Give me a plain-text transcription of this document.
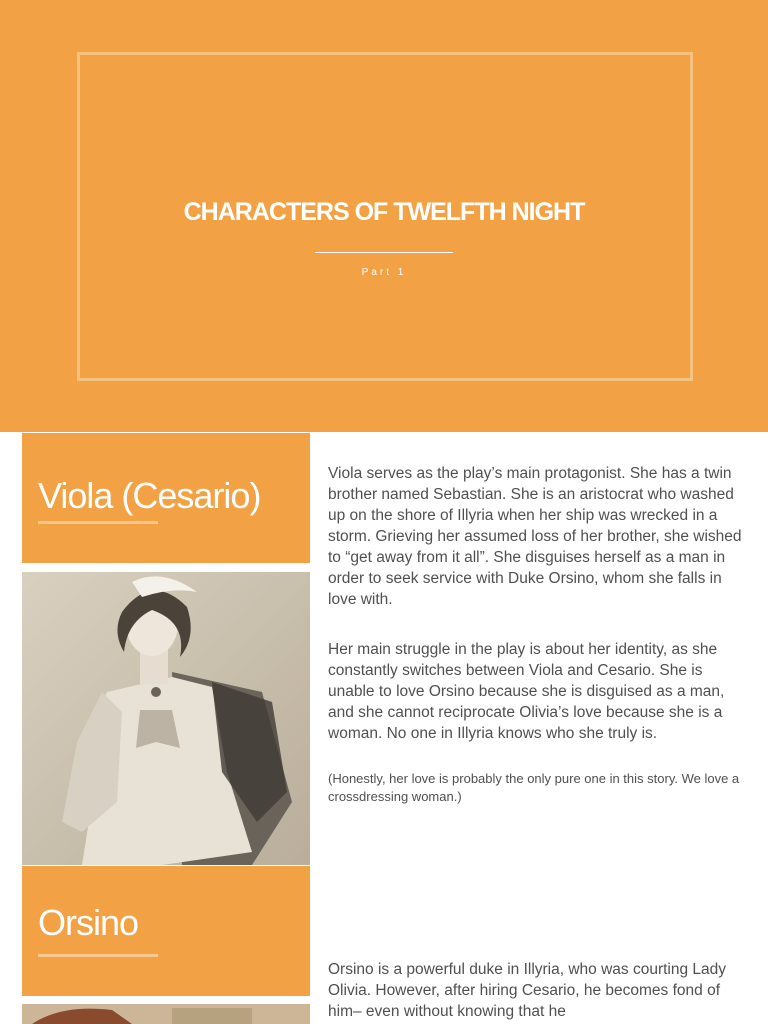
CHARACTERS OF TWELFTH NIGHT
Part 1
Viola (Cesario)

Viola serves as the play’s main protagonist. She has a twin brother named Sebastian. She is an aristocrat who washed up on the shore of Illyria when her ship was wrecked in a storm. Grieving her assumed loss of her brother, she wished to “get away from it all”. She disguises herself as a man in order to seek service with Duke Orsino, whom she falls in love with.

Her main struggle in the play is about her identity, as she constantly switches between Viola and Cesario. She is unable to love Orsino because she is disguised as a man, and she cannot reciprocate Olivia’s love because she is a woman. No one in Illyria knows who she truly is.

(Honestly, her love is probably the only pure one in this story. We love a crossdressing woman.)

Orsino

Orsino is a powerful duke in Illyria, who was courting Lady Olivia. However, after hiring Cesario, he becomes fond of him– even without knowing that he
